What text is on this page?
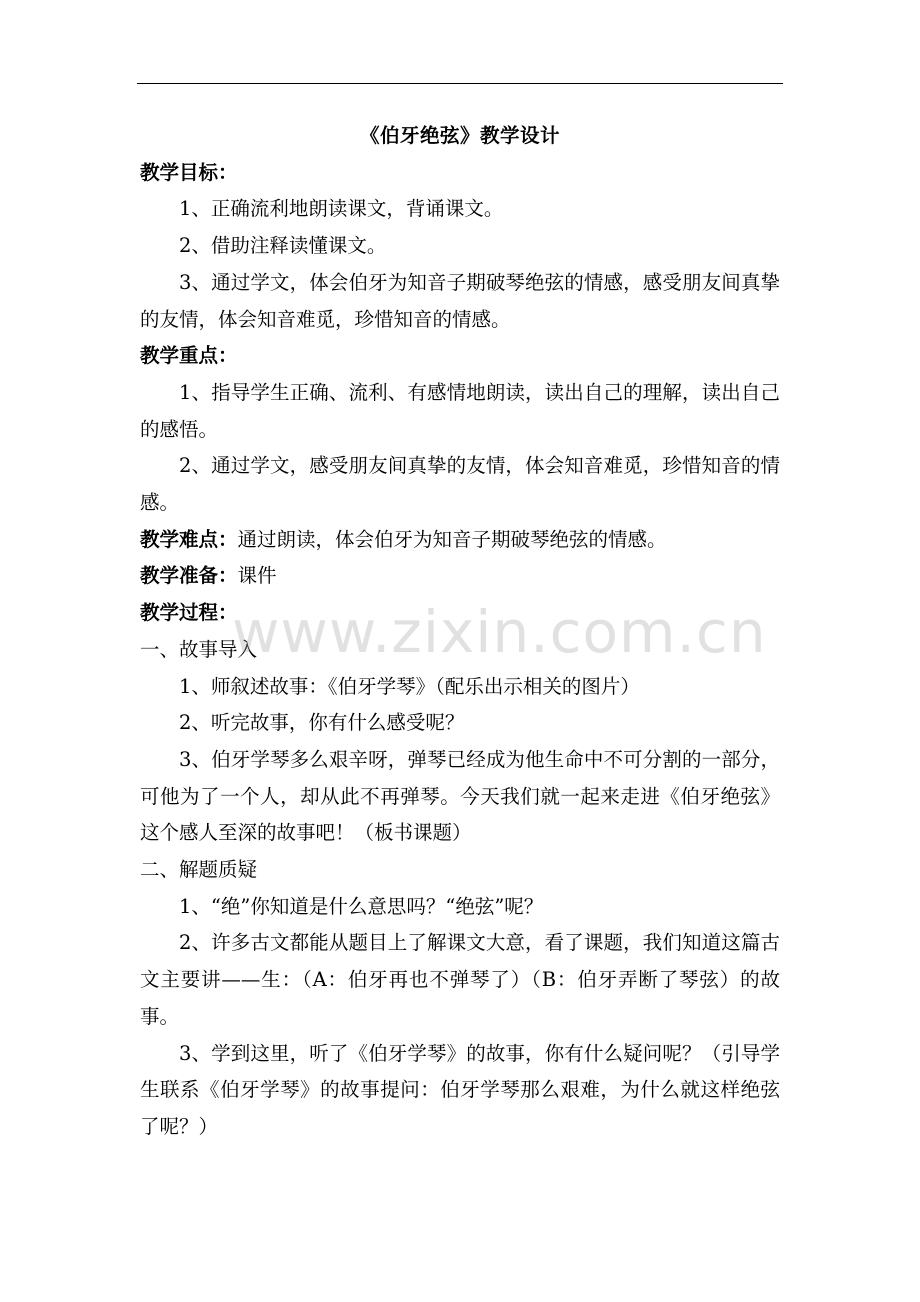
《伯牙绝弦》教学设计
教学目标：
1、正确流利地朗读课文，背诵课文。
2、借助注释读懂课文。
3、通过学文，体会伯牙为知音子期破琴绝弦的情感，感受朋友间真挚的友情，体会知音难觅，珍惜知音的情感。
教学重点：
1、指导学生正确、流利、有感情地朗读，读出自己的理解，读出自己的感悟。
2、通过学文，感受朋友间真挚的友情，体会知音难觅，珍惜知音的情感。
教学难点：通过朗读，体会伯牙为知音子期破琴绝弦的情感。
教学准备：课件
教学过程：
一、故事导入
1、师叙述故事：《伯牙学琴》（配乐出示相关的图片）
2、听完故事，你有什么感受呢？
3、伯牙学琴多么艰辛呀，弹琴已经成为他生命中不可分割的一部分，可他为了一个人，却从此不再弹琴。今天我们就一起来走进《伯牙绝弦》这个感人至深的故事吧！（板书课题）
二、解题质疑
1、“绝”你知道是什么意思吗？“绝弦”呢？
2、许多古文都能从题目上了解课文大意，看了课题，我们知道这篇古文主要讲——生：（A：伯牙再也不弹琴了）（B：伯牙弄断了琴弦）的故事。
3、学到这里，听了《伯牙学琴》的故事，你有什么疑问呢？（引导学生联系《伯牙学琴》的故事提问：伯牙学琴那么艰难，为什么就这样绝弦了呢？）
www.zixin.com.cn
